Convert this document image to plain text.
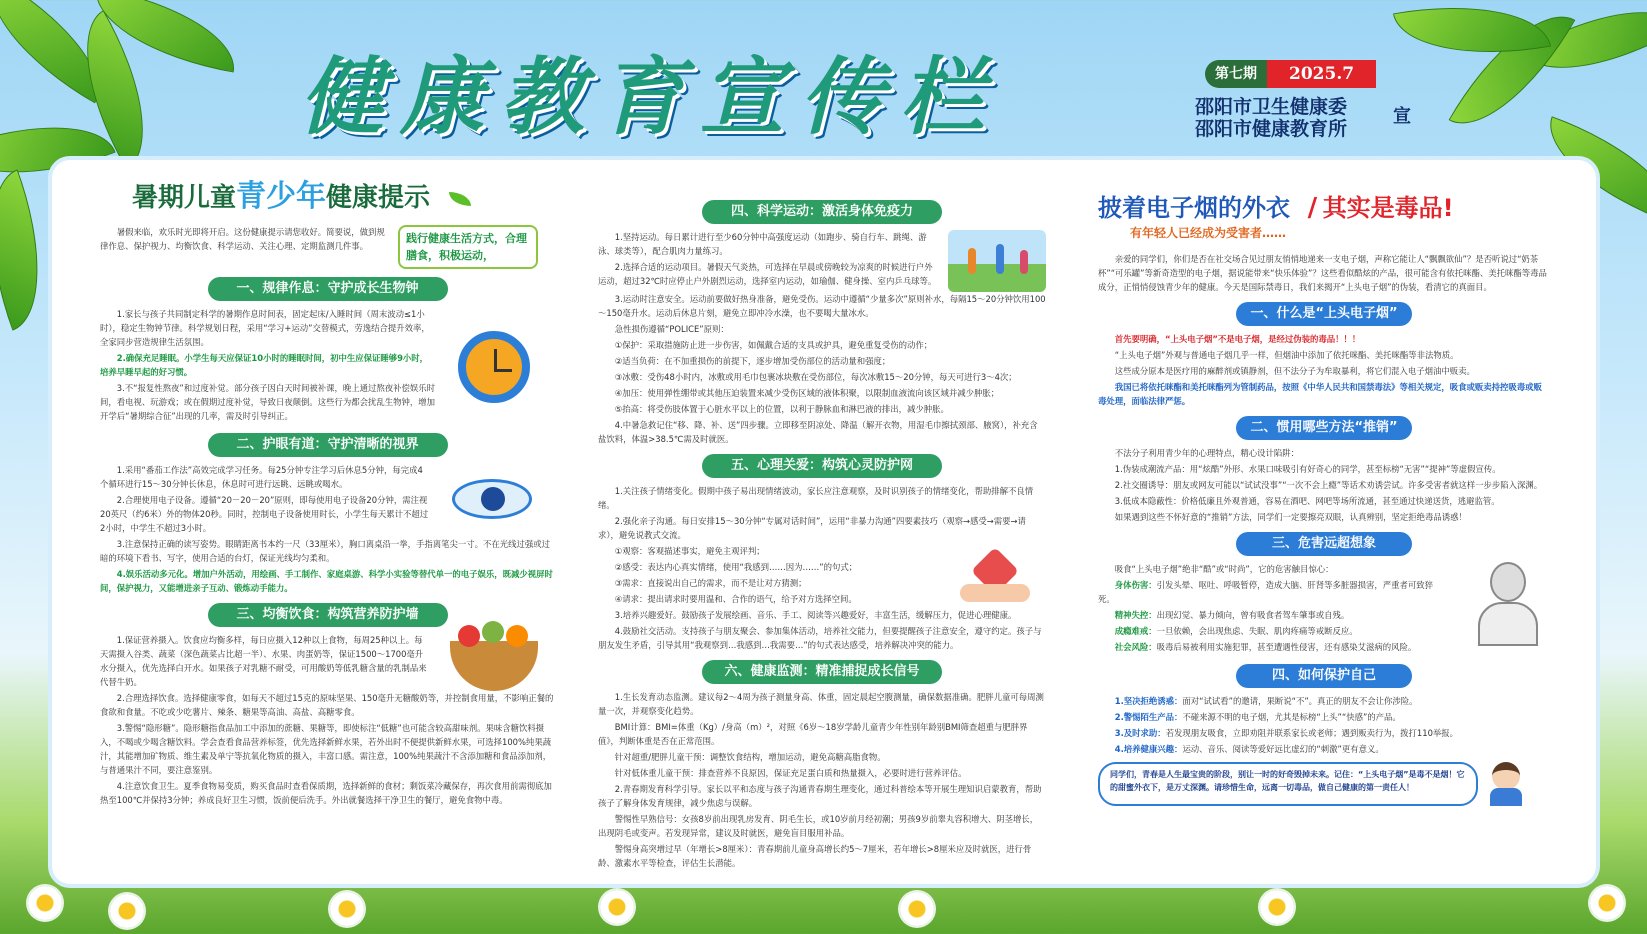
健康教育宣传栏	第七期	2025.7
邵阳市卫生健康委
邵阳市健康教育所
宣
暑期儿童青少年健康提示

暑假来临，欢乐时光即将开启。这份健康提示请您收好。简要说，做到规律作息、保护视力、均衡饮食、科学运动、关注心理、定期监测几件事。

践行健康生活方式，合理膳食，积极运动，
一、规律作息：守护成长生物钟

1.家长与孩子共同制定科学的暑期作息时间表，固定起床/入睡时间（周末波动≤1小时），稳定生物钟节律。科学规划日程，采用“学习+运动”交替模式，劳逸结合提升效率，全家同步营造规律生活氛围。

2.确保充足睡眠。小学生每天应保证10小时的睡眠时间，初中生应保证睡够9小时，培养早睡早起的好习惯。

3.不“报复性熬夜”和过度补觉。部分孩子因白天时间被补课，晚上通过熬夜补偿娱乐时间，看电视、玩游戏；或在假期过度补觉，导致日夜颠倒。这些行为都会扰乱生物钟，增加开学后“暑期综合征”出现的几率，需及时引导纠正。

二、护眼有道：守护清晰的视界

1.采用“番茄工作法”高效完成学习任务。每25分钟专注学习后休息5分钟，每完成4个循环进行15～30分钟长休息，休息时可进行远眺、远眺或喝水。

2.合理使用电子设备。遵循“20－20－20”原则，即每使用电子设备20分钟，需注视20英尺（约6米）外的物体20秒。同时，控制电子设备使用时长，小学生每天累计不超过2小时，中学生不超过3小时。

3.注意保持正确的读写姿势。眼睛距离书本约一尺（33厘米），胸口离桌沿一拳，手指离笔尖一寸。不在光线过强或过暗的环境下看书、写字，使用合适的台灯，保证光线均匀柔和。

4.娱乐活动多元化。增加户外活动，用绘画、手工制作、家庭桌游、科学小实验等替代单一的电子娱乐，既减少视屏时间，保护视力，又能增进亲子互动、锻炼动手能力。

三、均衡饮食：构筑营养防护墙

1.保证营养摄入。饮食应均衡多样，每日应摄入12种以上食物，每周25种以上。每天需摄入谷类、蔬菜（深色蔬菜占比超一半）、水果、肉蛋奶等，保证1500～1700毫升水分摄入，优先选择白开水。如果孩子对乳糖不耐受，可用酸奶等低乳糖含量的乳制品来代替牛奶。

2.合理选择饮食。选择健康零食，如每天不超过15克的原味坚果、150毫升无糖酸奶等，并控制食用量，不影响正餐的食欲和食量。不吃或少吃薯片、辣条、糖果等高油、高盐、高糖零食。

3.警惕“隐形糖”。隐形糖指食品加工中添加的蔗糖、果糖等，即使标注“低糖”也可能含较高甜味剂。果味含糖饮料摄入，不喝或少喝含糖饮料。学会查看食品营养标签，优先选择新鲜水果，若外出时不便提供新鲜水果，可选择100%纯果蔬汁，其能增加矿物质、维生素及单宁等抗氧化物质的摄入，丰富口感。需注意，100%纯果蔬汁不含添加糖和食品添加剂，与普通果汁不同，要注意鉴别。

4.注意饮食卫生。夏季食物易变质，购买食品时查看保质期，选择新鲜的食材；剩饭菜冷藏保存，再次食用前需彻底加热至100℃并保持3分钟；养成良好卫生习惯，饭前便后洗手。外出就餐选择干净卫生的餐厅，避免食物中毒。

四、科学运动：激活身体免疫力

1.坚持运动。每日累计进行至少60分钟中高强度运动（如跑步、骑自行车、跳绳、游泳、球类等），配合肌肉力量练习。

2.选择合适的运动项目。暑假天气炎热，可选择在早晨或傍晚较为凉爽的时候进行户外运动，超过32℃时应停止户外剧烈运动，选择室内运动，如瑜伽、健身操、室内乒乓球等。

3.运动时注意安全。运动前要做好热身准备，避免受伤。运动中遵循“少量多次”原则补水，每隔15～20分钟饮用100～150毫升水。运动后休息片刻，避免立即冲冷水澡，也不要喝大量冰水。

急性损伤遵循“POLICE”原则：

①保护：采取措施防止进一步伤害，如佩戴合适的支具或护具，避免重复受伤的动作；

②适当负荷：在不加重损伤的前提下，逐步增加受伤部位的活动量和强度；

③冰敷：受伤48小时内，冰敷或用毛巾包裹冰块敷在受伤部位，每次冰敷15～20分钟，每天可进行3～4次；

④加压：使用弹性绷带或其他压迫装置来减少受伤区域的液体积聚，以限制血液流向该区域并减少肿胀；

⑤抬高：将受伤肢体置于心脏水平以上的位置，以利于静脉血和淋巴液的排出，减少肿胀。

4.中暑急救记住“移、降、补、送”四步骤。立即移至阴凉处、降温（解开衣物，用湿毛巾擦拭颈部、腋窝），补充含盐饮料，体温>38.5℃需及时就医。

五、心理关爱：构筑心灵防护网

1.关注孩子情绪变化。假期中孩子易出现情绪波动，家长应注意观察，及时识别孩子的情绪变化，帮助排解不良情绪。

2.强化亲子沟通。每日安排15～30分钟“专属对话时间”，运用“非暴力沟通”四要素技巧（观察→感受→需要→请求），避免说教式交流。

①观察：客观描述事实，避免主观评判；

②感受：表达内心真实情绪，使用“我感到……因为……”的句式；

③需求：直接说出自己的需求，而不是让对方猜测；

④请求：提出请求时要用温和、合作的语气，给予对方选择空间。

3.培养兴趣爱好。鼓励孩子发展绘画、音乐、手工、阅读等兴趣爱好，丰富生活，缓解压力，促进心理健康。

4.鼓励社交活动。支持孩子与朋友聚会、参加集体活动，培养社交能力，但要提醒孩子注意安全，遵守约定。孩子与朋友发生矛盾，引导其用“我观察到…我感到…我需要…”的句式表达感受，培养解决冲突的能力。

六、健康监测：精准捕捉成长信号

1.生长发育动态监测。建议每2～4周为孩子测量身高、体重，固定晨起空腹测量，确保数据准确。肥胖儿童可每周测量一次，并观察变化趋势。

BMI计算：BMI=体重（Kg）/身高（m）²，对照《6岁～18岁学龄儿童青少年性别年龄别BMI筛查超重与肥胖界值》，判断体重是否在正常范围。

针对超重/肥胖儿童干预：调整饮食结构，增加运动，避免高糖高脂食物。

针对低体重儿童干预：排查营养不良原因，保证充足蛋白质和热量摄入，必要时进行营养评估。

2.青春期发育科学引导。家长以平和态度与孩子沟通青春期生理变化，通过科普绘本等开展生理知识启蒙教育，帮助孩子了解身体发育规律，减少焦虑与误解。

警惕性早熟信号：女孩8岁前出现乳房发育、阴毛生长，或10岁前月经初潮；男孩9岁前睾丸容积增大、阴茎增长，出现阴毛或变声。若发现异常，建议及时就医，避免盲目服用补品。

警惕身高突增过早（年增长>8厘米）：青春期前儿童身高增长约5～7厘米，若年增长>8厘米应及时就医，进行骨龄、激素水平等检查，评估生长潜能。

披着电子烟的外衣 / 其实是毒品!
有年轻人已经成为受害者……

亲爱的同学们，你们是否在社交场合见过朋友悄悄地递来一支电子烟，声称它能让人“飘飘欲仙”？是否听说过“奶茶杯”“可乐罐”等新奇造型的电子烟，据说能带来“快乐体验”？这些看似酷炫的产品，很可能含有依托咪酯、美托咪酯等毒品成分，正悄悄侵蚀青少年的健康。今天是国际禁毒日，我们来揭开“上头电子烟”的伪装，看清它的真面目。

一、什么是“上头电子烟”

首先要明确，“上头电子烟”不是电子烟，是经过伪装的毒品！！！

“上头电子烟”外观与普通电子烟几乎一样，但烟油中添加了依托咪酯、美托咪酯等非法物质。

这些成分原本是医疗用的麻醉剂或镇静剂，但不法分子为牟取暴利，将它们混入电子烟油中贩卖。

我国已将依托咪酯和美托咪酯列为管制药品，按照《中华人民共和国禁毒法》等相关规定，吸食或贩卖持控吸毒或贩毒处理，面临法律严惩。

二、惯用哪些方法“推销”

不法分子利用青少年的心理特点，精心设计陷阱：

1.伪装成潮流产品：用“炫酷”外形、水果口味吸引有好奇心的同学，甚至标榜“无害”“提神”等虚假宣传。

2.社交圈诱导：朋友或网友可能以“试试没事”“一次不会上瘾”等话术劝诱尝试。许多受害者就这样一步步陷入深渊。

3.低成本隐蔽性：价格低廉且外观普通，容易在酒吧、网吧等场所流通，甚至通过快递送货，逃避监管。

如果遇到这些不怀好意的“推销”方法，同学们一定要擦亮双眼，认真辨别，坚定拒绝毒品诱惑！

三、危害远超想象

吸食“上头电子烟”绝非“酷”或“时尚”，它的危害触目惊心：

身体伤害：引发头晕、呕吐、呼吸暂停，造成大脑、肝肾等多脏器损害，严重者可致猝死。

精神失控：出现幻觉、暴力倾向，曾有吸食者驾车肇事或自残。

成瘾难戒：一旦依赖，会出现焦虑、失眠、肌肉疼痛等戒断反应。

社会风险：吸毒后易被利用实施犯罪，甚至遭遇性侵害，还有感染艾滋病的风险。

四、如何保护自己

1.坚决拒绝诱惑：面对“试试看”的邀请，果断说“不”。真正的朋友不会让你涉险。

2.警惕陌生产品：不碰来源不明的电子烟，尤其是标榜“上头”“快感”的产品。

3.及时求助：若发现朋友吸食，立即劝阻并联系家长或老师；遇到贩卖行为，拨打110举报。

4.培养健康兴趣：运动、音乐、阅读等爱好远比虚幻的“刺激”更有意义。

同学们，青春是人生最宝贵的阶段，别让一时的好奇毁掉未来。记住：“上头电子烟”是毒不是烟！它的甜蜜外衣下，是万丈深渊。请珍惜生命，远离一切毒品，做自己健康的第一责任人！
